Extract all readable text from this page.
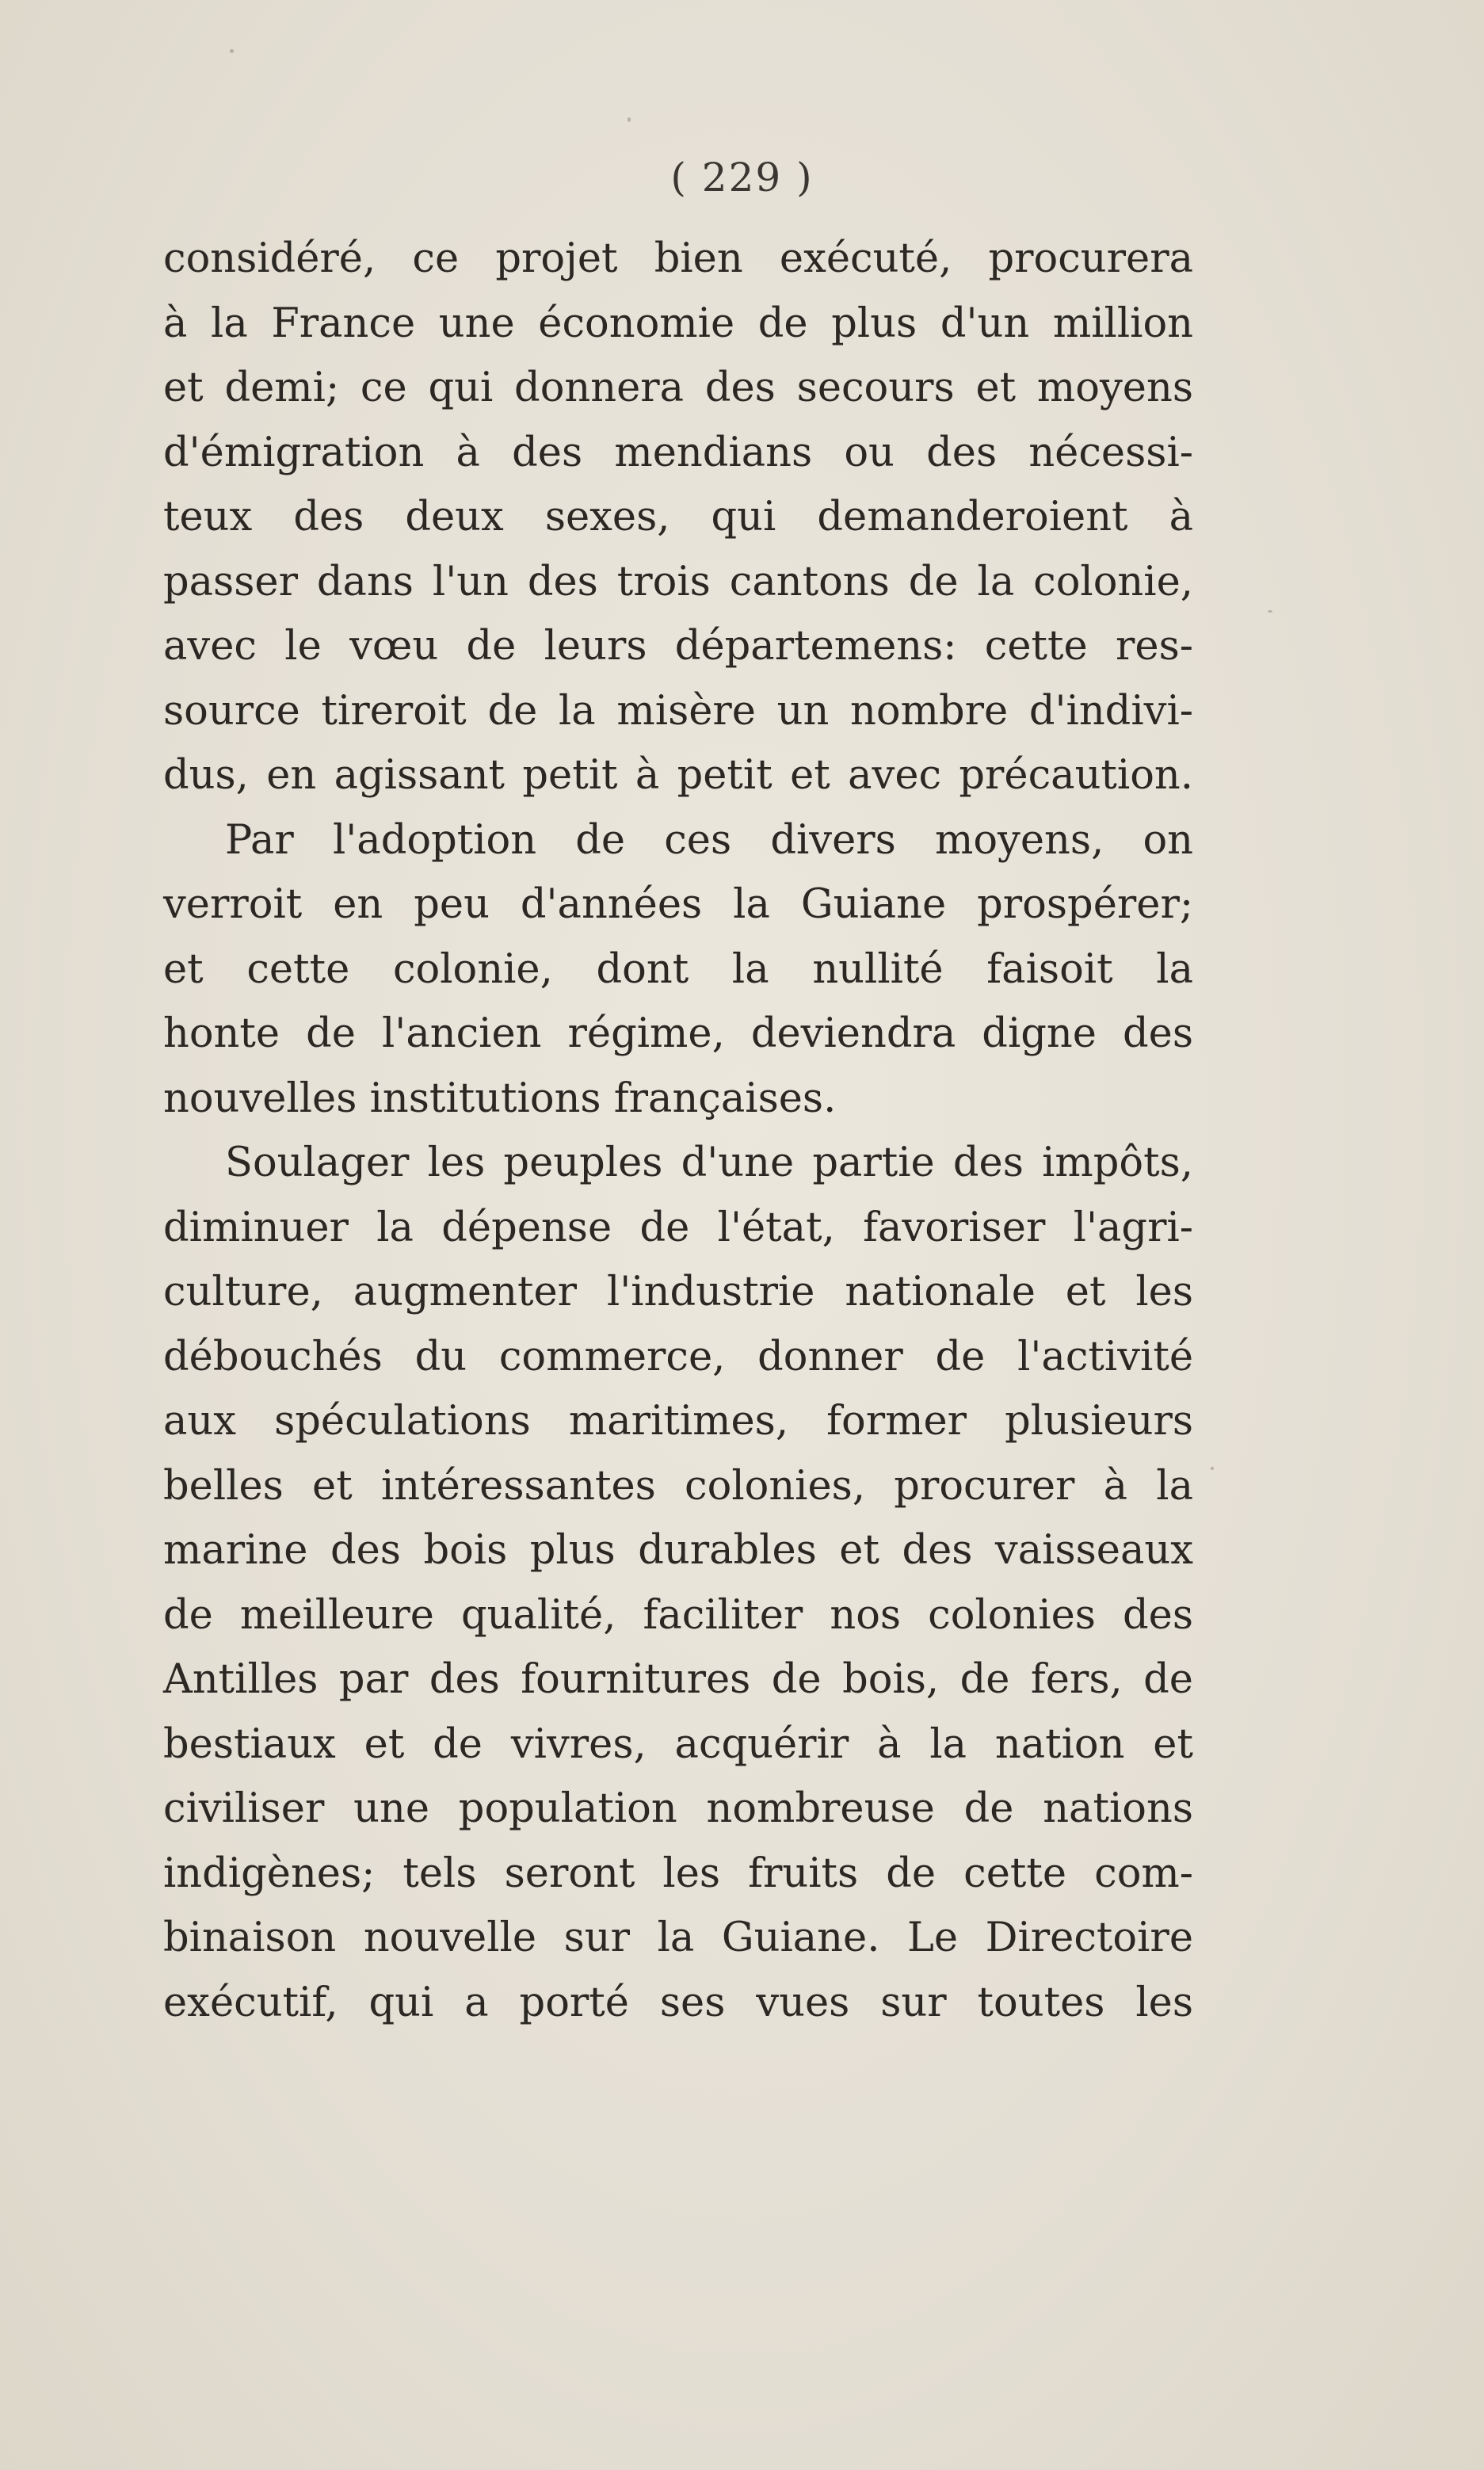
( 229 )
considéré, ce projet bien exécuté, procurera
à la France une économie de plus d'un million
et demi; ce qui donnera des secours et moyens
d'émigration à des mendians ou des nécessi-
teux des deux sexes, qui demanderoient à
passer dans l'un des trois cantons de la colonie,
avec le vœu de leurs départemens: cette res-
source tireroit de la misère un nombre d'indivi-
dus, en agissant petit à petit et avec précaution.
Par l'adoption de ces divers moyens, on
verroit en peu d'années la Guiane prospérer;
et cette colonie, dont la nullité faisoit la
honte de l'ancien régime, deviendra digne des
nouvelles institutions françaises.
Soulager les peuples d'une partie des impôts,
diminuer la dépense de l'état, favoriser l'agri-
culture, augmenter l'industrie nationale et les
débouchés du commerce, donner de l'activité
aux spéculations maritimes, former plusieurs
belles et intéressantes colonies, procurer à la
marine des bois plus durables et des vaisseaux
de meilleure qualité, faciliter nos colonies des
Antilles par des fournitures de bois, de fers, de
bestiaux et de vivres, acquérir à la nation et
civiliser une population nombreuse de nations
indigènes; tels seront les fruits de cette com-
binaison nouvelle sur la Guiane. Le Directoire
exécutif, qui a porté ses vues sur toutes les
